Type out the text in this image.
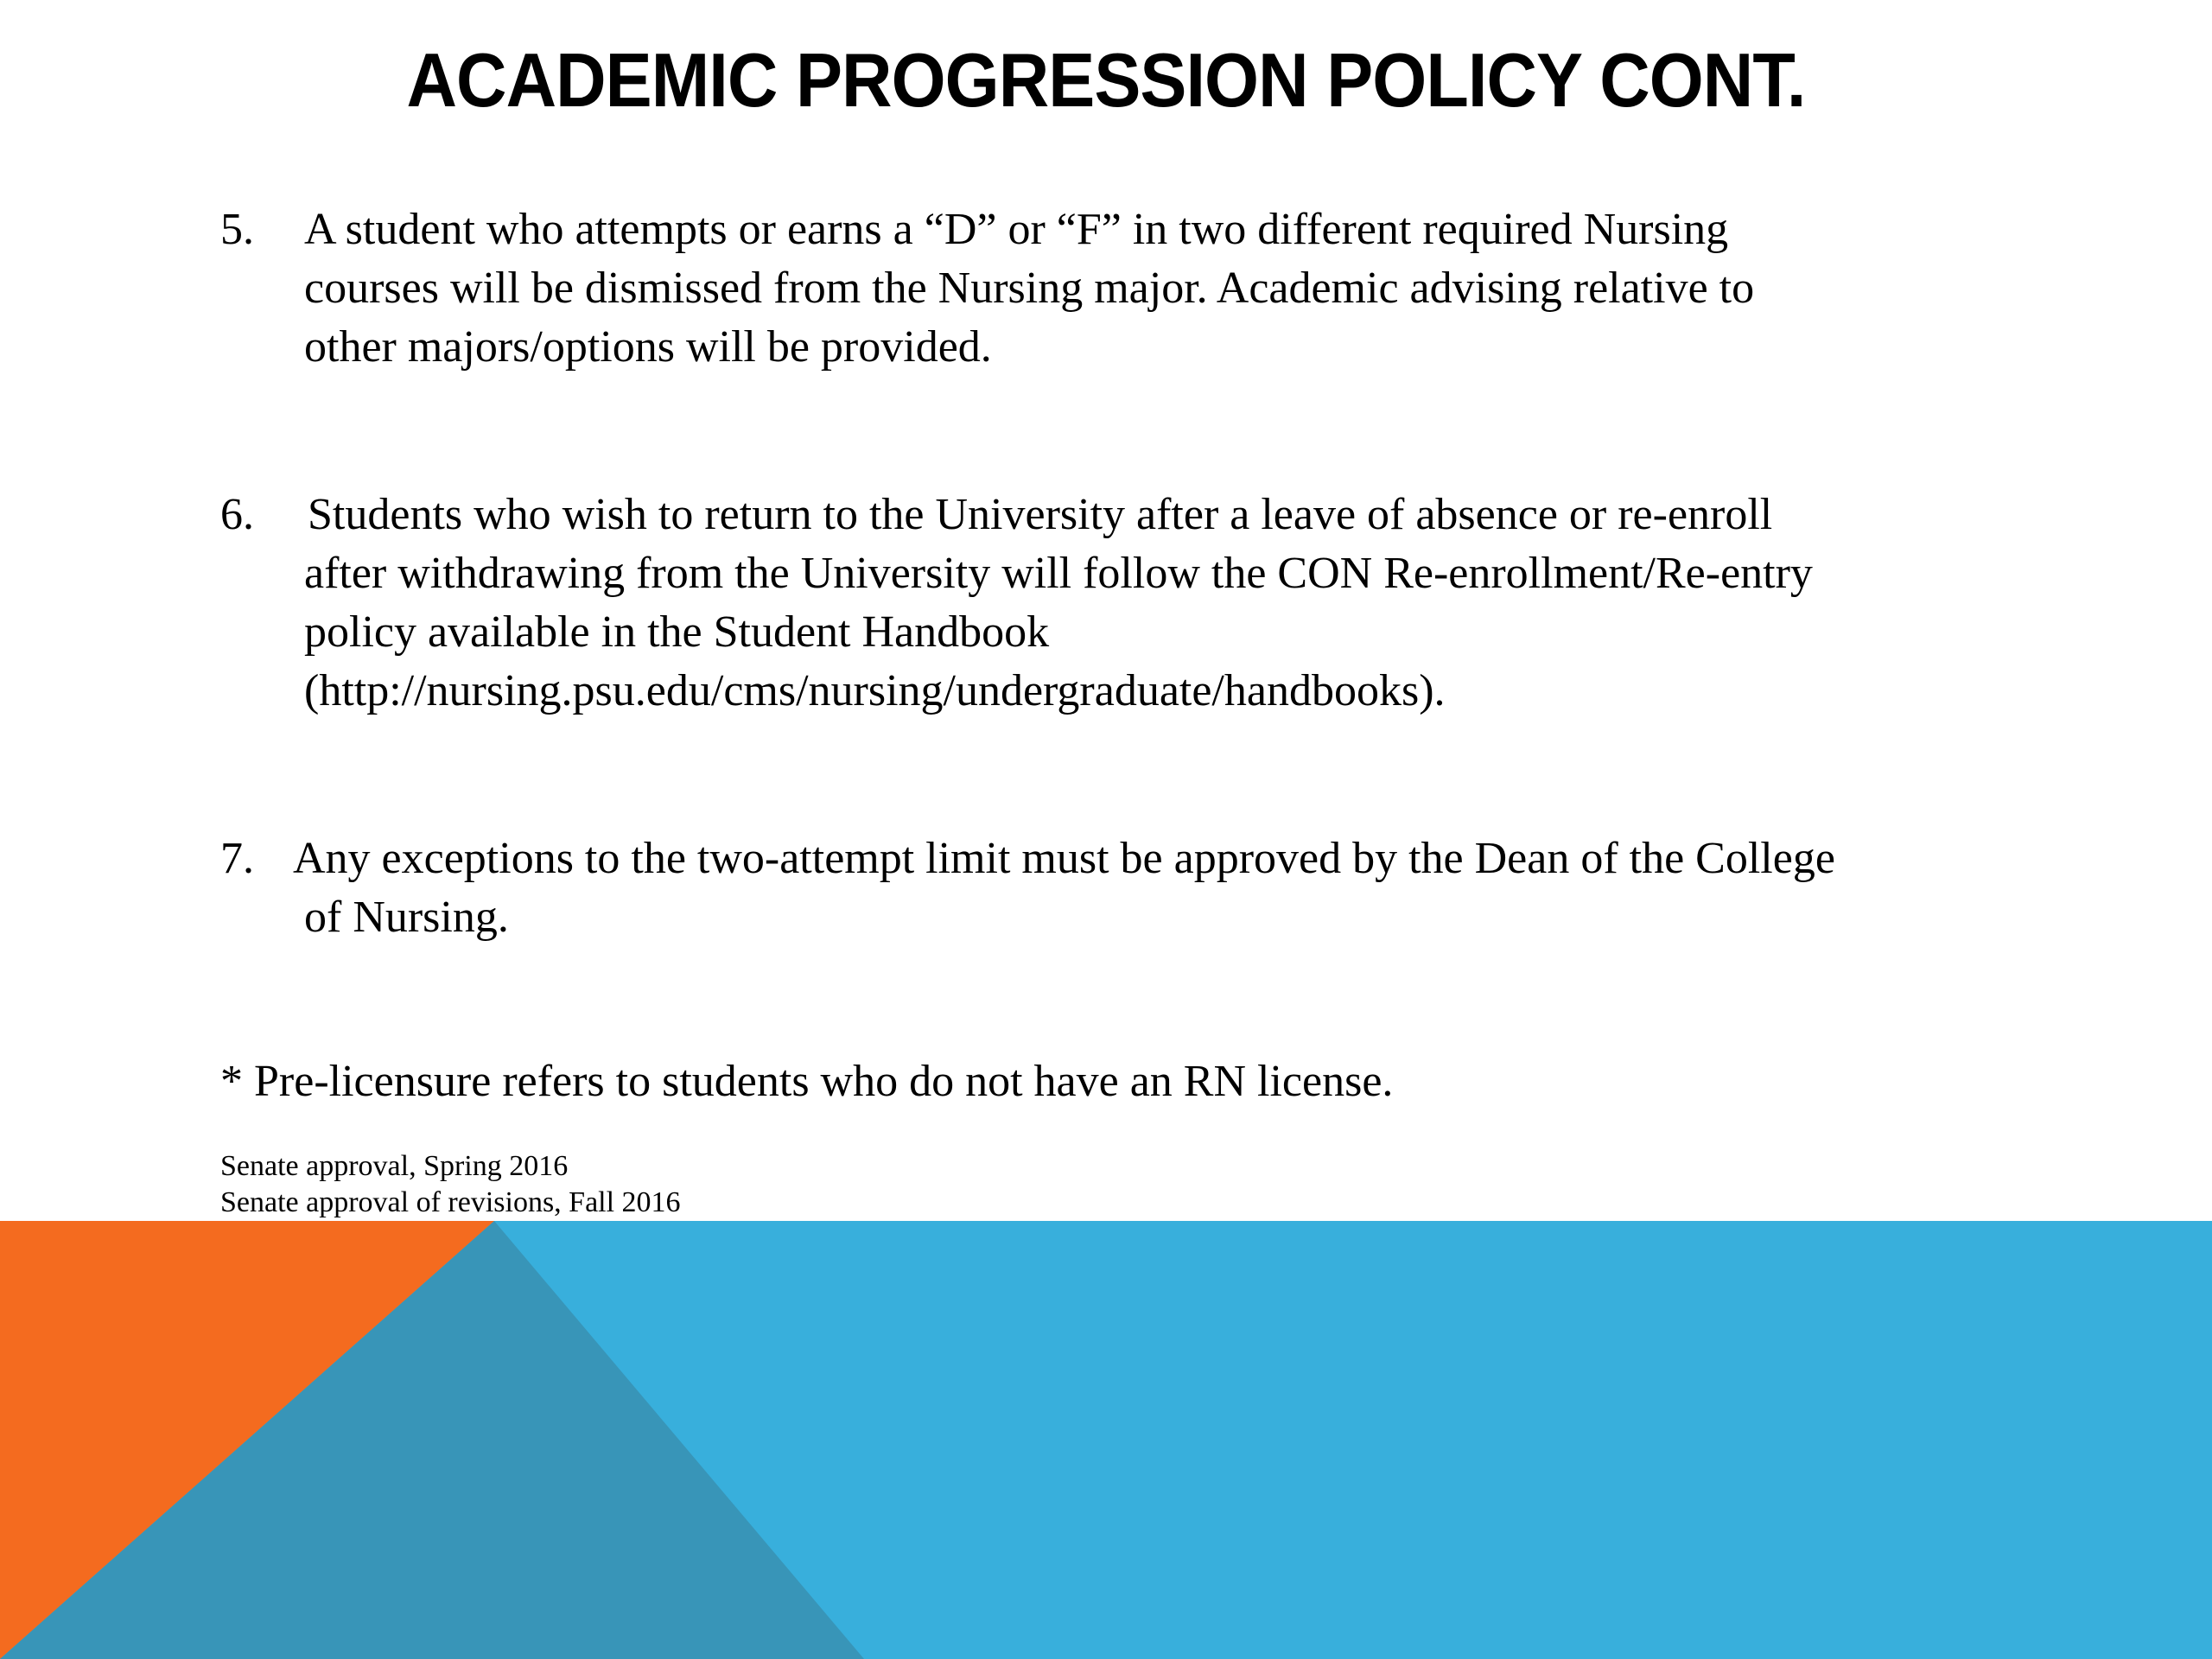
ACADEMIC PROGRESSION POLICY CONT.
5. A student who attempts or earns a “D” or “F” in two different required Nursing
courses will be dismissed from the Nursing major. Academic advising relative to
other majors/options will be provided.
6. Students who wish to return to the University after a leave of absence or re-enroll
after withdrawing from the University will follow the CON Re-enrollment/Re-entry
policy available in the Student Handbook
(http://nursing.psu.edu/cms/nursing/undergraduate/handbooks).
7. Any exceptions to the two-attempt limit must be approved by the Dean of the College
of Nursing.
* Pre-licensure refers to students who do not have an RN license.
Senate approval, Spring 2016
Senate approval of revisions, Fall 2016
